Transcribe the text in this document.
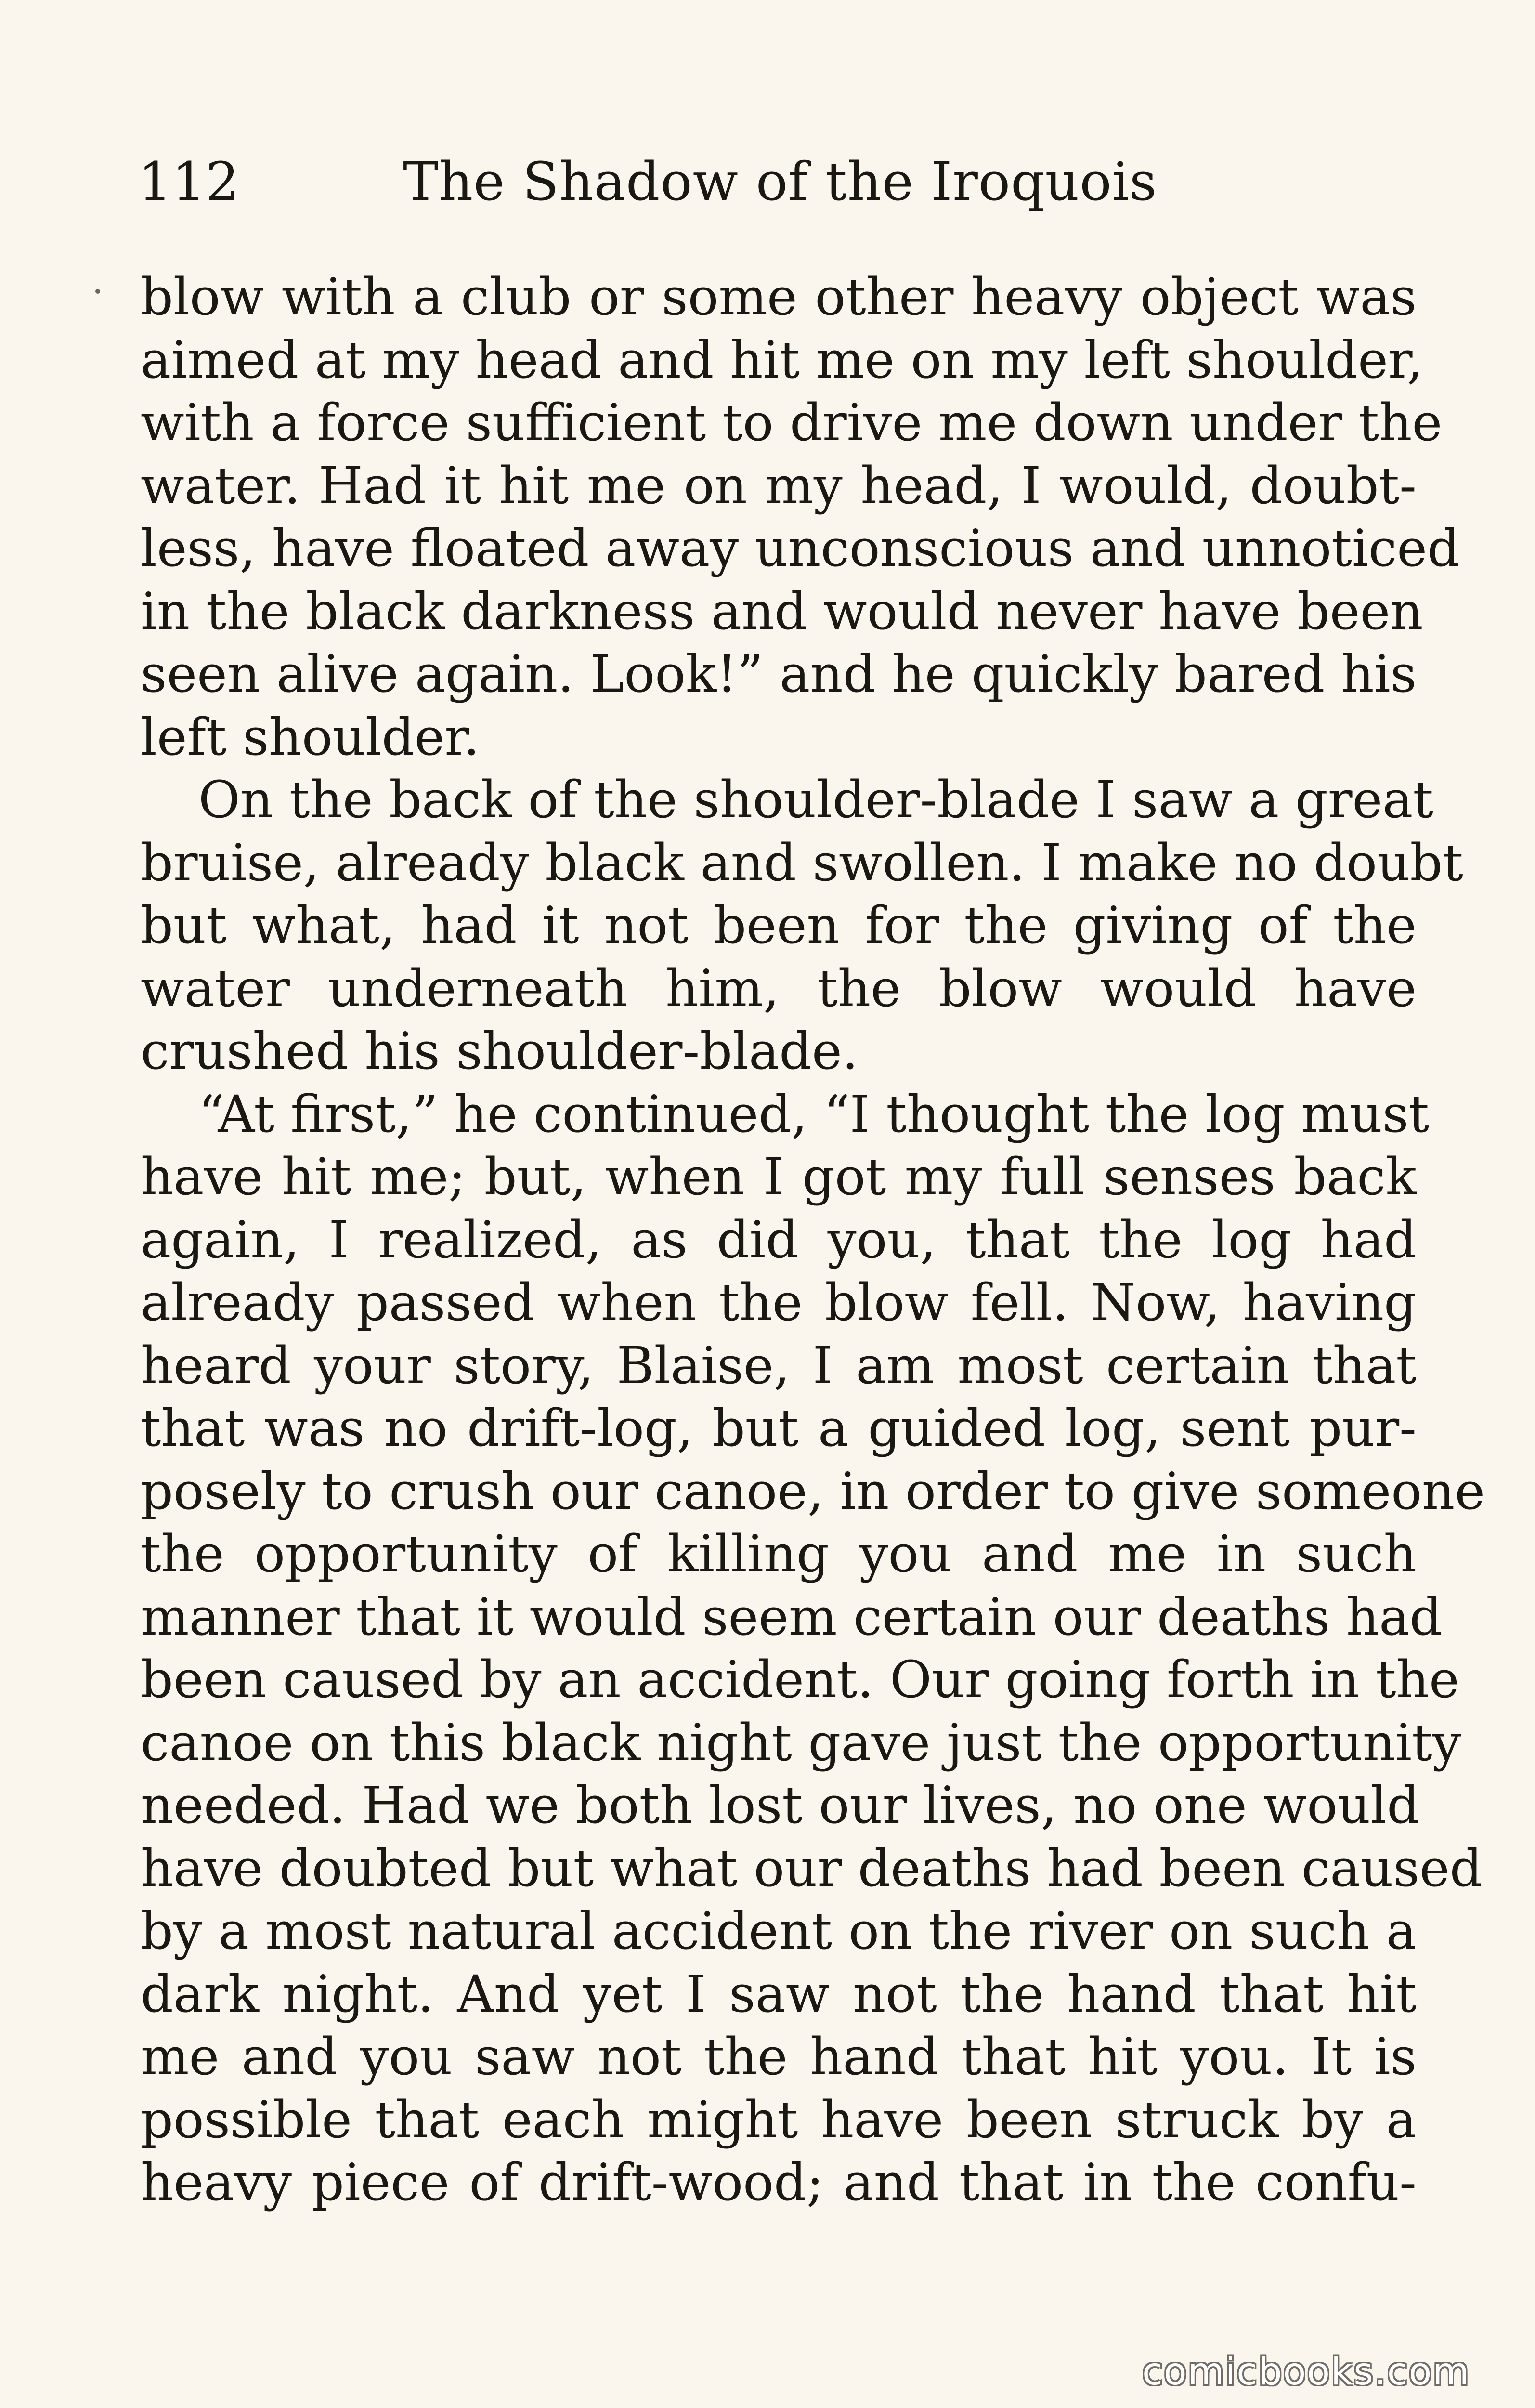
112	The Shadow of the Iroquois
blow with a club or some other heavy object was
aimed at my head and hit me on my left shoulder,
with a force sufficient to drive me down under the
water. Had it hit me on my head, I would, doubt-
less, have floated away unconscious and unnoticed
in the black darkness and would never have been
seen alive again. Look!” and he quickly bared his
left shoulder.
On the back of the shoulder-blade I saw a great
bruise, already black and swollen. I make no doubt
but what, had it not been for the giving of the
water underneath him, the blow would have
crushed his shoulder-blade.
“At first,” he continued, “I thought the log must
have hit me; but, when I got my full senses back
again, I realized, as did you, that the log had
already passed when the blow fell. Now, having
heard your story, Blaise, I am most certain that
that was no drift-log, but a guided log, sent pur-
posely to crush our canoe, in order to give someone
the opportunity of killing you and me in such
manner that it would seem certain our deaths had
been caused by an accident. Our going forth in the
canoe on this black night gave just the opportunity
needed. Had we both lost our lives, no one would
have doubted but what our deaths had been caused
by a most natural accident on the river on such a
dark night. And yet I saw not the hand that hit
me and you saw not the hand that hit you. It is
possible that each might have been struck by a
heavy piece of drift-wood; and that in the confu-
comicbooks.com
